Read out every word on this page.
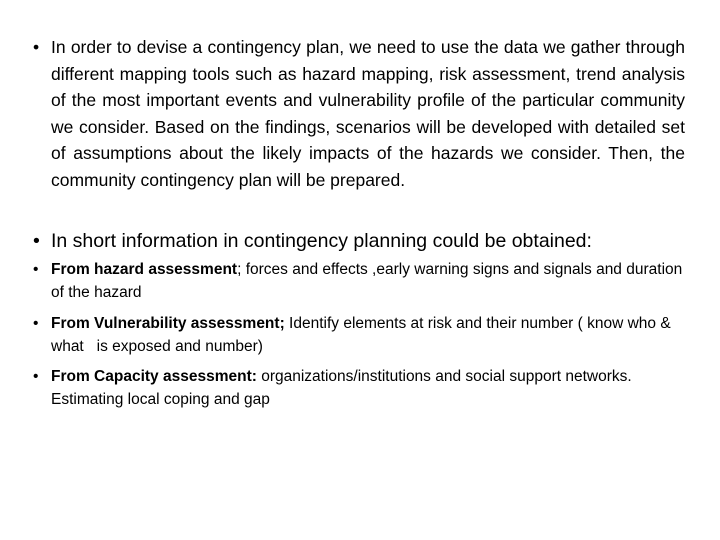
• In order to devise a contingency plan, we need to use the data we gather through different mapping tools such as hazard mapping, risk assessment, trend analysis of the most important events and vulnerability profile of the particular community we consider. Based on the findings, scenarios will be developed with detailed set of assumptions about the likely impacts of the hazards we consider. Then, the community contingency plan will be prepared.
• In short information in contingency planning could be obtained:
• From hazard assessment; forces and effects ,early warning signs and signals and duration of the hazard
• From Vulnerability assessment; Identify elements at risk and their number ( know who & what   is exposed and number)
• From Capacity assessment: organizations/institutions and social support networks. Estimating local coping and gap
